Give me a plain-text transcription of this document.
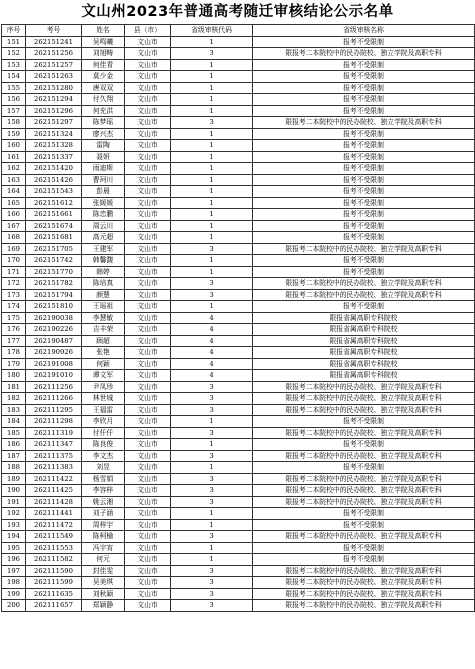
文山州2023年普通高考随迁审核结论公示名单
序号	考号	姓名	县（市）	省级审核代码	省级审核名称
151	262151241	吴鸣曦	文山市	1	报考不受限制
152	262151256	刘旭畴	文山市	3	限报考二本院校中的民办院校、独立学院及高职专科
153	262151257	何佳青	文山市	1	报考不受限制
154	262151263	莫少金	文山市	1	报考不受限制
155	262151280	唐双双	文山市	1	报考不受限制
156	262151294	付久翔	文山市	1	报考不受限制
157	262151296	何充洪	文山市	1	报考不受限制
158	262151297	陈梦瑶	文山市	3	限报考二本院校中的民办院校、独立学院及高职专科
159	262151324	廖兴杰	文山市	1	报考不受限制
160	262151328	雷陶	文山市	1	报考不受限制
161	262151337	聂妍	文山市	1	报考不受限制
162	262151420	雨迪斯	文山市	1	报考不受限制
163	262151426	曹珂川	文山市	1	报考不受限制
164	262151543	彭晨	文山市	1	报考不受限制
165	262151612	张媛媛	文山市	1	报考不受限制
166	262151661	陈忠鹏	文山市	1	报考不受限制
167	262151674	周云川	文山市	1	报考不受限制
168	262151681	高元超	文山市	1	报考不受限制
169	262151705	王建军	文山市	3	限报考二本院校中的民办院校、独立学院及高职专科
170	262151742	韩馨馥	文山市	1	报考不受限制
171	262151770	韩婷	文山市	1	报考不受限制
172	262151782	陈培真	文山市	3	限报考二本院校中的民办院校、独立学院及高职专科
173	262151794	颜慧	文山市	3	限报考二本院校中的民办院校、独立学院及高职专科
174	262151810	王瑶祖	文山市	1	报考不受限制
175	262190038	李慧敏	文山市	4	限报省属高职专科院校
176	262190226	吉丰荣	文山市	4	限报省属高职专科院校
177	262190487	顾超	文山市	4	限报省属高职专科院校
178	262190926	张艳	文山市	4	限报省属高职专科院校
179	262191008	何颖	文山市	4	限报省属高职专科院校
180	262191010	谭文军	文山市	4	限报省属高职专科院校
181	262111256	尹凤珍	文山市	3	限报考二本院校中的民办院校、独立学院及高职专科
182	262111266	林世城	文山市	3	限报考二本院校中的民办院校、独立学院及高职专科
183	262111295	王福雷	文山市	3	限报考二本院校中的民办院校、独立学院及高职专科
184	262111298	李欣月	文山市	1	报考不受限制
185	262111319	付仟仟	文山市	3	限报考二本院校中的民办院校、独立学院及高职专科
186	262111347	陈良俊	文山市	1	报考不受限制
187	262111375	李文杰	文山市	3	限报考二本院校中的民办院校、独立学院及高职专科
188	262111383	刘昱	文山市	1	报考不受限制
189	262111422	杨雪娟	文山市	3	限报考二本院校中的民办院校、独立学院及高职专科
190	262111425	李容梓	文山市	3	限报考二本院校中的民办院校、独立学院及高职专科
191	262111428	姚云湘	文山市	3	限报考二本院校中的民办院校、独立学院及高职专科
192	262111441	刘子涵	文山市	1	报考不受限制
193	262111472	周梓宇	文山市	1	报考不受限制
194	262111549	陈柯榆	文山市	3	限报考二本院校中的民办院校、独立学院及高职专科
195	262111553	冯宇宵	文山市	1	报考不受限制
196	262111582	何元	文山市	1	报考不受限制
197	262111590	封佳雯	文山市	3	限报考二本院校中的民办院校、独立学院及高职专科
198	262111599	吴美琪	文山市	3	限报考二本院校中的民办院校、独立学院及高职专科
199	262111635	刘秋颖	文山市	3	限报考二本院校中的民办院校、独立学院及高职专科
200	262111657	郑颖静	文山市	3	限报考二本院校中的民办院校、独立学院及高职专科
